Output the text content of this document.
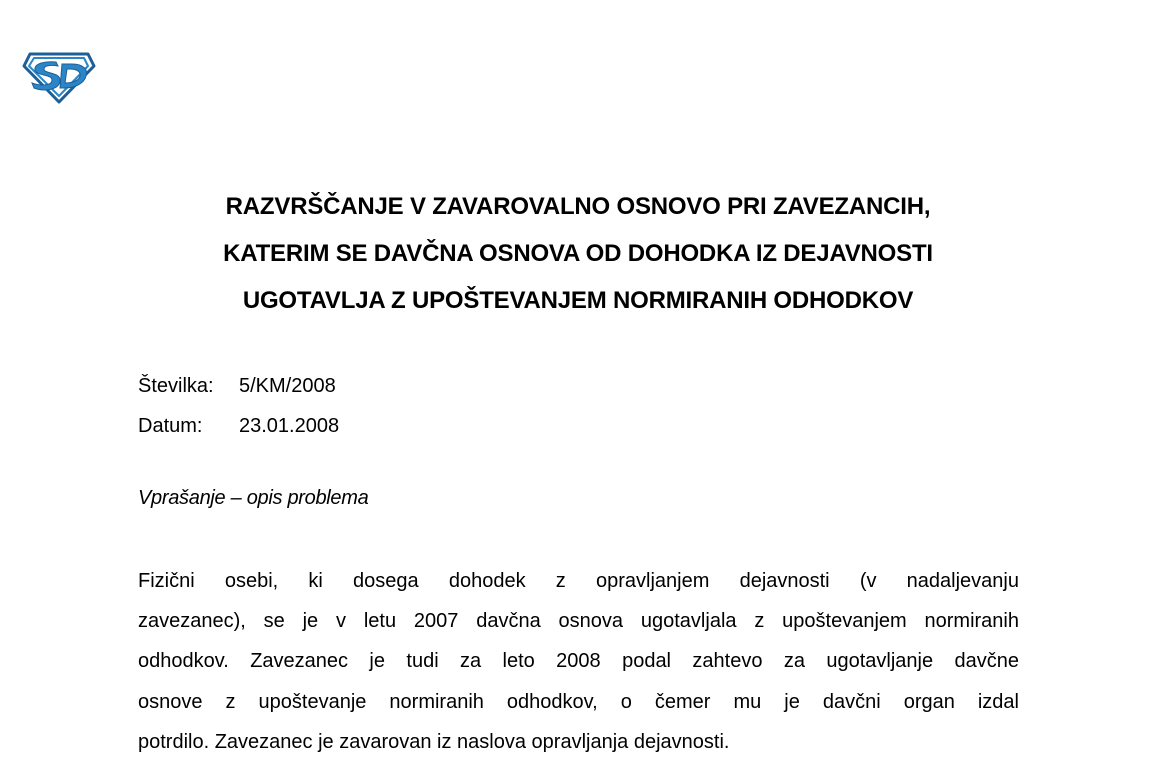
RAZVRŠČANJE V ZAVAROVALNO OSNOVO PRI ZAVEZANCIH,
KATERIM SE DAVČNA OSNOVA OD DOHODKA IZ DEJAVNOSTI
UGOTAVLJA Z UPOŠTEVANJEM NORMIRANIH ODHODKOV
Številka:	5/KM/2008
Datum:	23.01.2008
Vprašanje – opis problema
Fizični osebi, ki dosega dohodek z opravljanjem dejavnosti (v nadaljevanju
zavezanec), se je v letu 2007 davčna osnova ugotavljala z upoštevanjem normiranih
odhodkov. Zavezanec je tudi za leto 2008 podal zahtevo za ugotavljanje davčne
osnove z upoštevanje normiranih odhodkov, o čemer mu je davčni organ izdal
potrdilo. Zavezanec je zavarovan iz naslova opravljanja dejavnosti.
